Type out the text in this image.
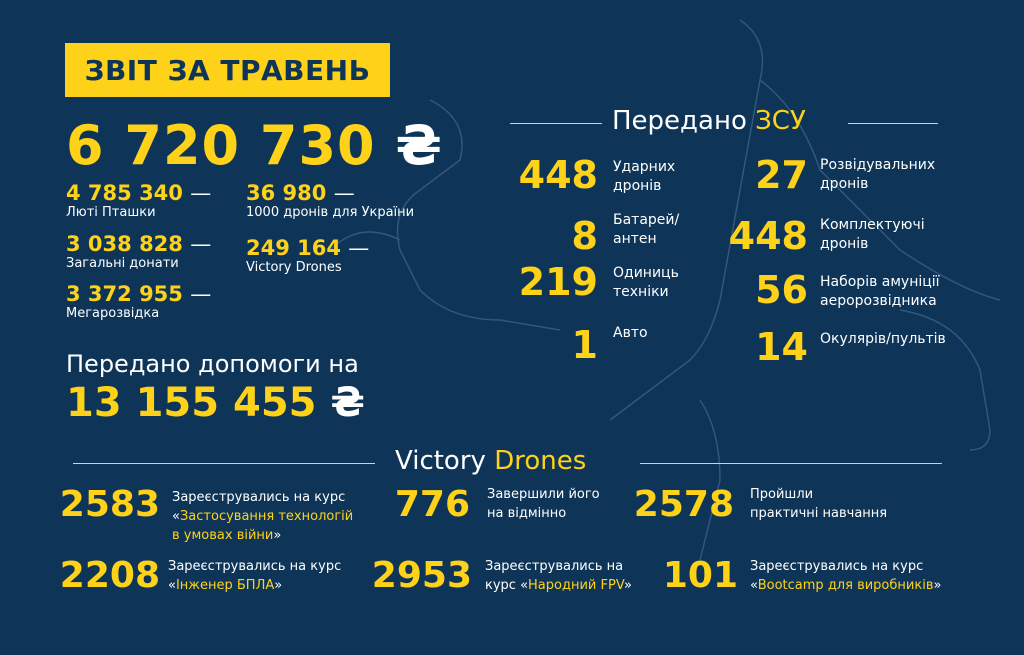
ЗВІТ ЗА ТРАВЕНЬ
6 720 730 ₴
4 785 340 —
Люті Пташки
3 038 828 —
Загальні донати
3 372 955 —
Мегарозвідка
36 980 —
1000 дронів для України
249 164 —
Victory Drones
Передано допомоги на
13 155 455 ₴
Передано ЗСУ
448 Ударних
дронів
8 Батарей/
антен
219 Одиниць
техніки
1 Авто
27 Розвідувальних
дронів
448 Комплектуючі
дронів
56 Наборів амуніції
аеророзвідника
14 Окулярів/пультів
Victory Drones
2583 Зареєструвались на курс
«Застосування технологій
в умовах війни»
776 Завершили його
на відмінно	2578 Пройшли
практичні навчання
2208 Зареєструвались на курс
«Інженер БПЛА»	2953 Зареєструвались на
курс «Народний FPV» 101 Зареєструвались на курс
«Bootcamp для виробників»
